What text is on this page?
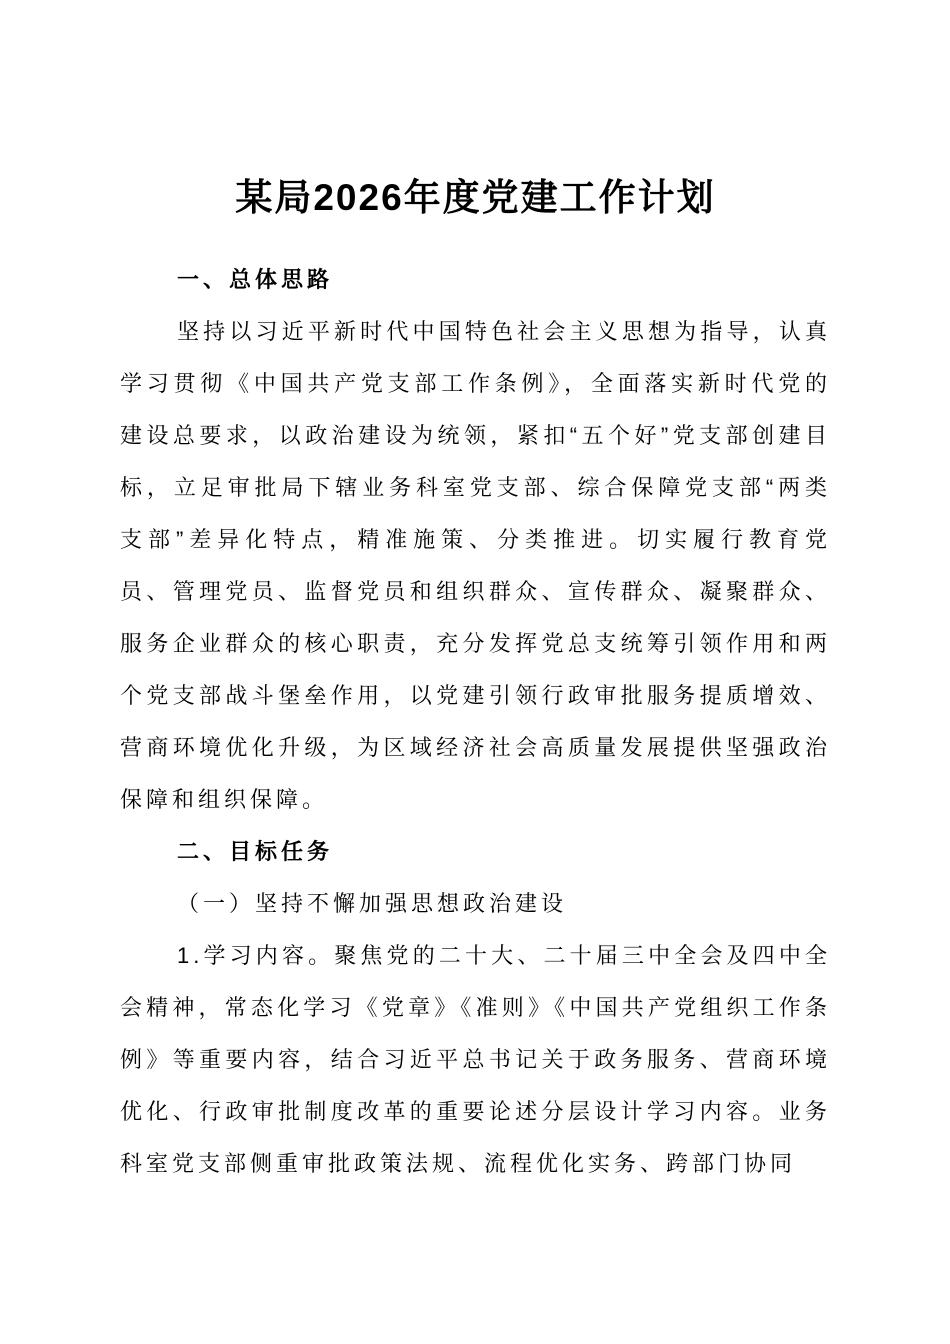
某局2026年度党建工作计划

一、总体思路

坚持以习近平新时代中国特色社会主义思想为指导，认真学习贯彻《中国共产党支部工作条例》，全面落实新时代党的建设总要求，以政治建设为统领，紧扣“五个好”党支部创建目标，立足审批局下辖业务科室党支部、综合保障党支部“两类支部”差异化特点，精准施策、分类推进。切实履行教育党员、管理党员、监督党员和组织群众、宣传群众、凝聚群众、服务企业群众的核心职责，充分发挥党总支统筹引领作用和两个党支部战斗堡垒作用，以党建引领行政审批服务提质增效、营商环境优化升级，为区域经济社会高质量发展提供坚强政治保障和组织保障。

二、目标任务

（一）坚持不懈加强思想政治建设

1.学习内容。聚焦党的二十大、二十届三中全会及四中全会精神，常态化学习《党章》《准则》《中国共产党组织工作条例》等重要内容，结合习近平总书记关于政务服务、营商环境优化、行政审批制度改革的重要论述分层设计学习内容。业务科室党支部侧重审批政策法规、流程优化实务、跨部门协同
